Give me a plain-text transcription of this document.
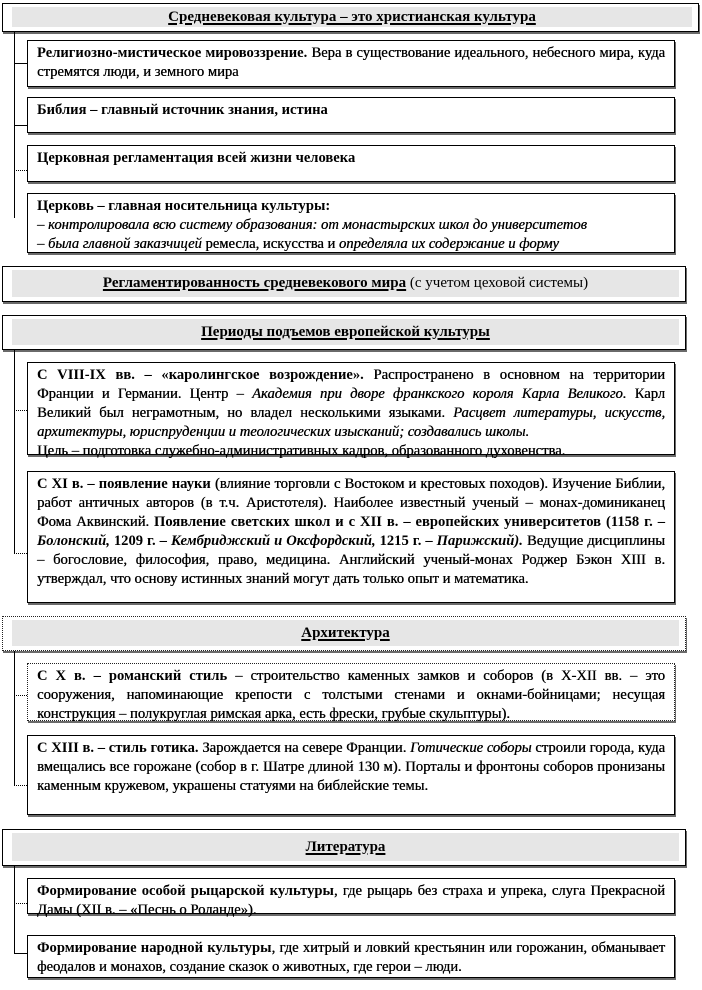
Средневековая культура – это христианская культура
Религиозно-мистическое мировоззрение. Вера в существование идеального, небесного мира, куда стремятся люди, и земного мира
Библия – главный источник знания, истина
Церковная регламентация всей жизни человека
Церковь – главная носительница культуры:
– контролировала всю систему образования: от монастырских школ до университетов
– была главной заказчицей ремесла, искусства и определяла их содержание и форму
Регламентированность средневекового мира (с учетом цеховой системы)
Периоды подъемов европейской культуры
С VIII-IX вв. – «каролингское возрождение». Распространено в основном на территории Франции и Германии. Центр – Академия при дворе франкского короля Карла Великого. Карл Великий был неграмотным, но владел несколькими языками. Расцвет литературы, искусств, архитектуры, юриспруденции и теологических изысканий; создавались школы.
Цель – подготовка служебно-административных кадров, образованного духовенства.
С XI в. – появление науки (влияние торговли с Востоком и крестовых походов). Изучение Библии, работ античных авторов (в т.ч. Аристотеля). Наиболее известный ученый – монах-доминиканец Фома Аквинский. Появление светских школ и с XII в. – европейских университетов (1158 г. – Болонский, 1209 г. – Кембриджский и Оксфордский, 1215 г. – Парижский). Ведущие дисциплины – богословие, философия, право, медицина. Английский ученый-монах Роджер Бэкон XIII в. утверждал, что основу истинных знаний могут дать только опыт и математика.
Архитектура
С X в. – романский стиль – строительство каменных замков и соборов (в X-XII вв. – это сооружения, напоминающие крепости с толстыми стенами и окнами-бойницами; несущая конструкция – полукруглая римская арка, есть фрески, грубые скульптуры).
С XIII в. – стиль готика. Зарождается на севере Франции. Готические соборы строили города, куда вмещались все горожане (собор в г. Шатре длиной 130 м). Порталы и фронтоны соборов пронизаны каменным кружевом, украшены статуями на библейские темы.
Литература
Формирование особой рыцарской культуры, где рыцарь без страха и упрека, слуга Прекрасной Дамы (XII в. – «Песнь о Роланде»).
Формирование народной культуры, где хитрый и ловкий крестьянин или горожанин, обманывает феодалов и монахов, создание сказок о животных, где герои – люди.
